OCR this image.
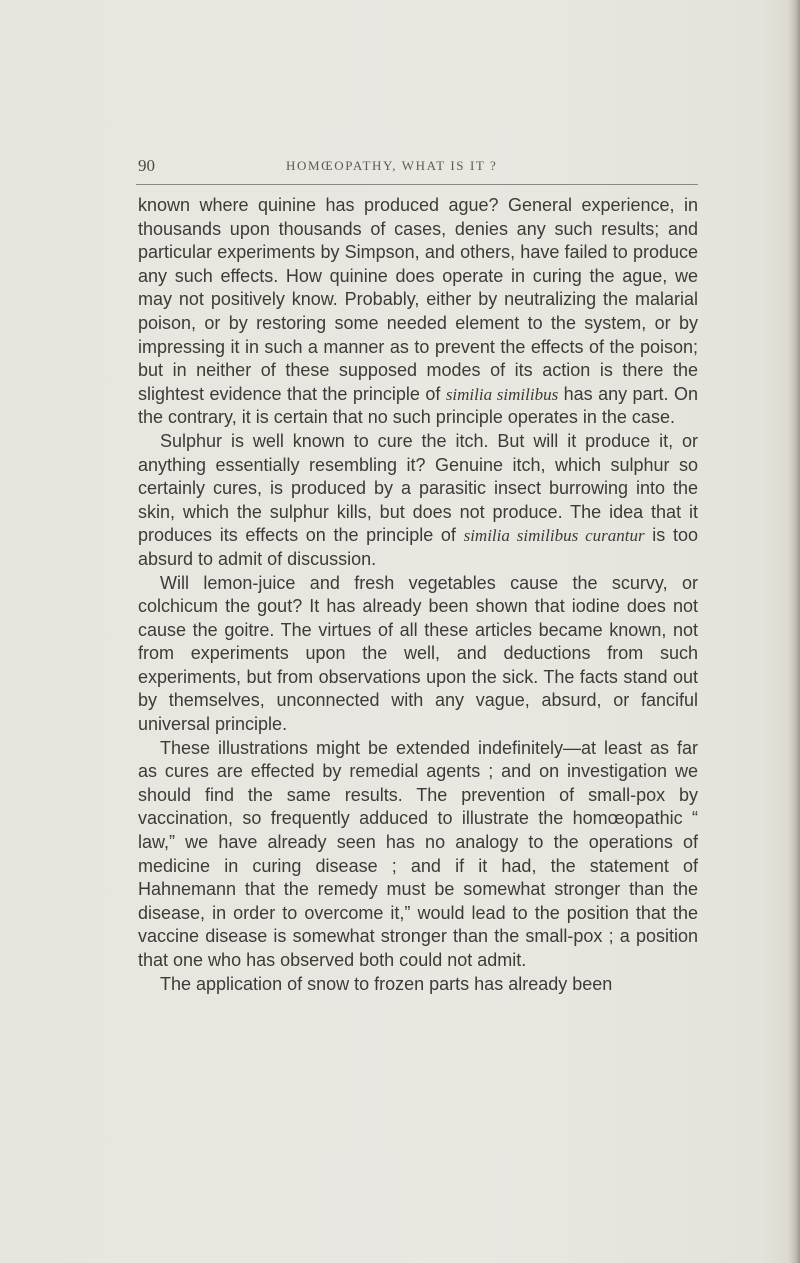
90	HOMŒOPATHY, WHAT IS IT ?

known where quinine has produced ague? General experience, in thousands upon thousands of cases, denies any such results; and particular experiments by Simpson, and others, have failed to produce any such effects. How quinine does operate in curing the ague, we may not positively know. Probably, either by neutralizing the malarial poison, or by restoring some needed element to the system, or by impressing it in such a manner as to prevent the effects of the poison; but in neither of these supposed modes of its action is there the slightest evidence that the principle of similia similibus has any part. On the contrary, it is certain that no such principle operates in the case.

Sulphur is well known to cure the itch. But will it produce it, or anything essentially resembling it? Genuine itch, which sulphur so certainly cures, is produced by a parasitic insect burrowing into the skin, which the sulphur kills, but does not produce. The idea that it produces its effects on the principle of similia similibus curantur is too absurd to admit of discussion.

Will lemon-juice and fresh vegetables cause the scurvy, or colchicum the gout? It has already been shown that iodine does not cause the goitre. The virtues of all these articles became known, not from experiments upon the well, and deductions from such experiments, but from observations upon the sick. The facts stand out by themselves, unconnected with any vague, absurd, or fanciful universal principle.

These illustrations might be extended indefinitely—at least as far as cures are effected by remedial agents ; and on investigation we should find the same results. The prevention of small-pox by vaccination, so frequently adduced to illustrate the homœopathic “ law,” we have already seen has no analogy to the operations of medicine in curing disease ; and if it had, the statement of Hahnemann that the remedy must be somewhat stronger than the disease, in order to overcome it,” would lead to the position that the vaccine disease is somewhat stronger than the small-pox ; a position that one who has observed both could not admit.

The application of snow to frozen parts has already been
